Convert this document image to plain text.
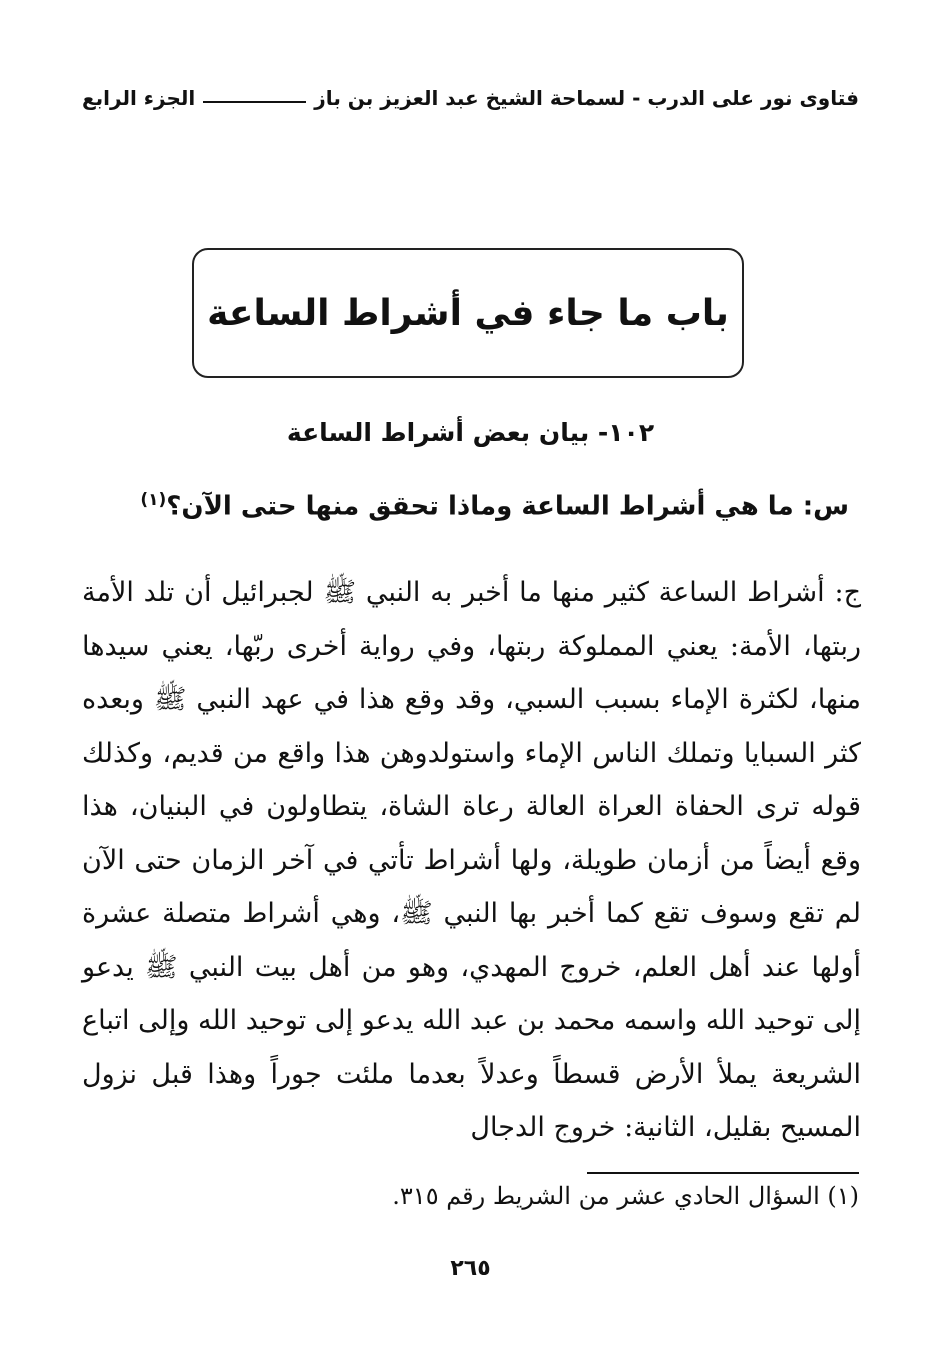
فتاوى نور على الدرب - لسماحة الشيخ عبد العزيز بن باز
الجزء الرابع
باب ما جاء في أشراط الساعة
١٠٢- بيان بعض أشراط الساعة

س: ما هي أشراط الساعة وماذا تحقق منها حتى الآن؟$^{(١)}$

ج: أشراط الساعة كثير منها ما أخبر به النبي ﷺ لجبرائيل أن تلد الأمة ربتها، الأمة: يعني المملوكة ربتها، وفي رواية أخرى ربّها، يعني سيدها منها، لكثرة الإماء بسبب السبي، وقد وقع هذا في عهد النبي ﷺ وبعده كثر السبايا وتملك الناس الإماء واستولدوهن هذا واقع من قديم، وكذلك قوله ترى الحفاة العراة العالة رعاة الشاة، يتطاولون في البنيان، هذا وقع أيضاً من أزمان طويلة، ولها أشراط تأتي في آخر الزمان حتى الآن لم تقع وسوف تقع كما أخبر بها النبي ﷺ، وهي أشراط متصلة عشرة أولها عند أهل العلم، خروج المهدي، وهو من أهل بيت النبي ﷺ يدعو إلى توحيد الله واسمه محمد بن عبد الله يدعو إلى توحيد الله وإلى اتباع الشريعة يملأ الأرض قسطاً وعدلاً بعدما ملئت جوراً وهذا قبل نزول المسيح بقليل، الثانية: خروج الدجال

(١) السؤال الحادي عشر من الشريط رقم ٣١٥.

٢٦٥
